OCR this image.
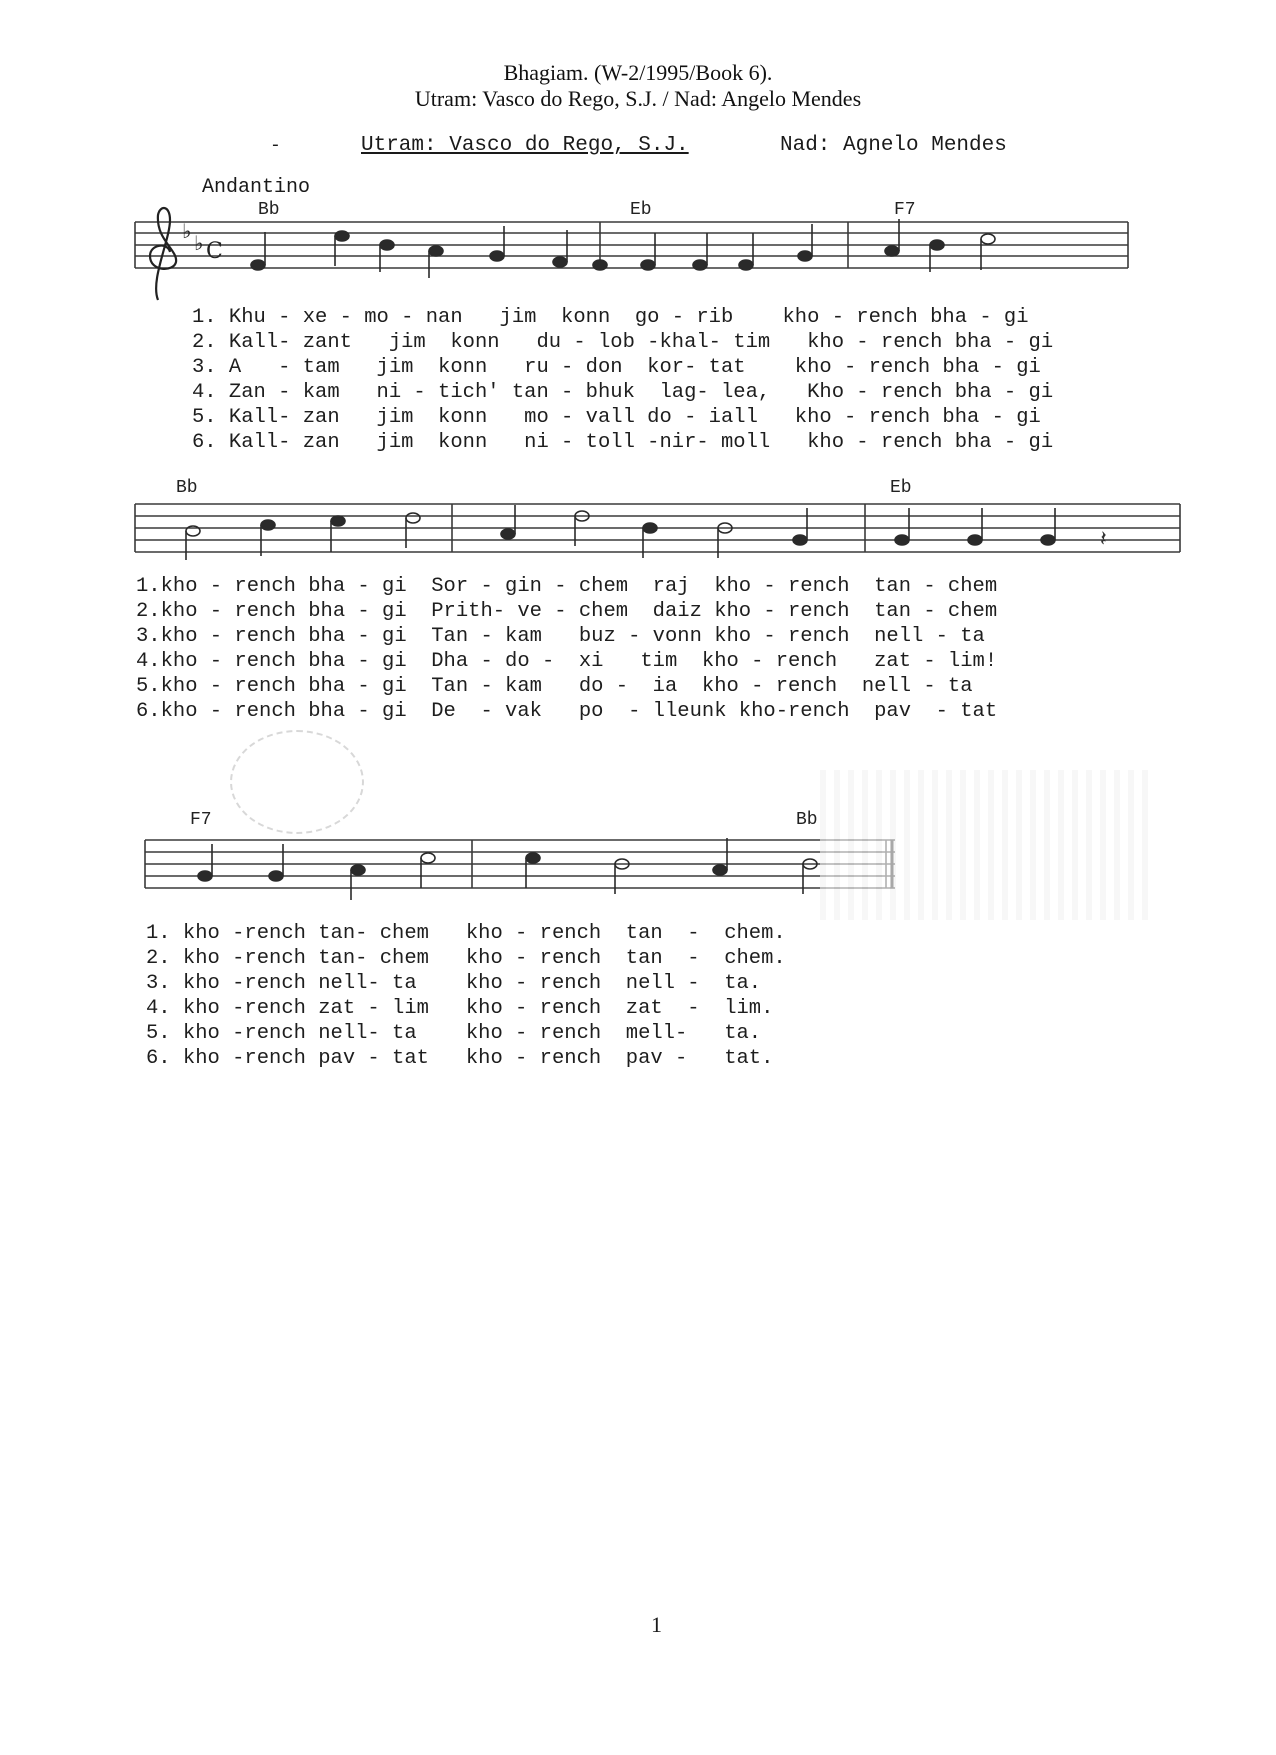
Bhagiam. (W-2/1995/Book 6).
Utram: Vasco do Rego, S.J. / Nad: Angelo Mendes
Utram: Vasco do Rego, S.J.	Nad: Agnelo Mendes
-
Andantino
♭ ♭ C
𝄽
Bb	Eb	F7
Bb	Eb
F7	Bb
1. Khu - xe - mo - nan   jim  konn  go - rib    kho - rench bha - gi
2. Kall- zant   jim  konn   du - lob -khal- tim   kho - rench bha - gi
3. A   - tam   jim  konn   ru - don  kor- tat    kho - rench bha - gi
4. Zan - kam   ni - tich' tan - bhuk  lag- lea,   Kho - rench bha - gi
5. Kall- zan   jim  konn   mo - vall do - iall   kho - rench bha - gi
6. Kall- zan   jim  konn   ni - toll -nir- moll   kho - rench bha - gi
1.kho - rench bha - gi  Sor - gin - chem  raj  kho - rench  tan - chem
2.kho - rench bha - gi  Prith- ve - chem  daiz kho - rench  tan - chem
3.kho - rench bha - gi  Tan - kam   buz - vonn kho - rench  nell - ta
4.kho - rench bha - gi  Dha - do -  xi   tim  kho - rench   zat - lim!
5.kho - rench bha - gi  Tan - kam   do -  ia  kho - rench  nell - ta
6.kho - rench bha - gi  De  - vak   po  - lleunk kho-rench  pav  - tat
1. kho -rench tan- chem   kho - rench  tan  -  chem.
2. kho -rench tan- chem   kho - rench  tan  -  chem.
3. kho -rench nell- ta    kho - rench  nell -  ta.
4. kho -rench zat - lim   kho - rench  zat  -  lim.
5. kho -rench nell- ta    kho - rench  mell-   ta.
6. kho -rench pav - tat   kho - rench  pav -   tat.
1
